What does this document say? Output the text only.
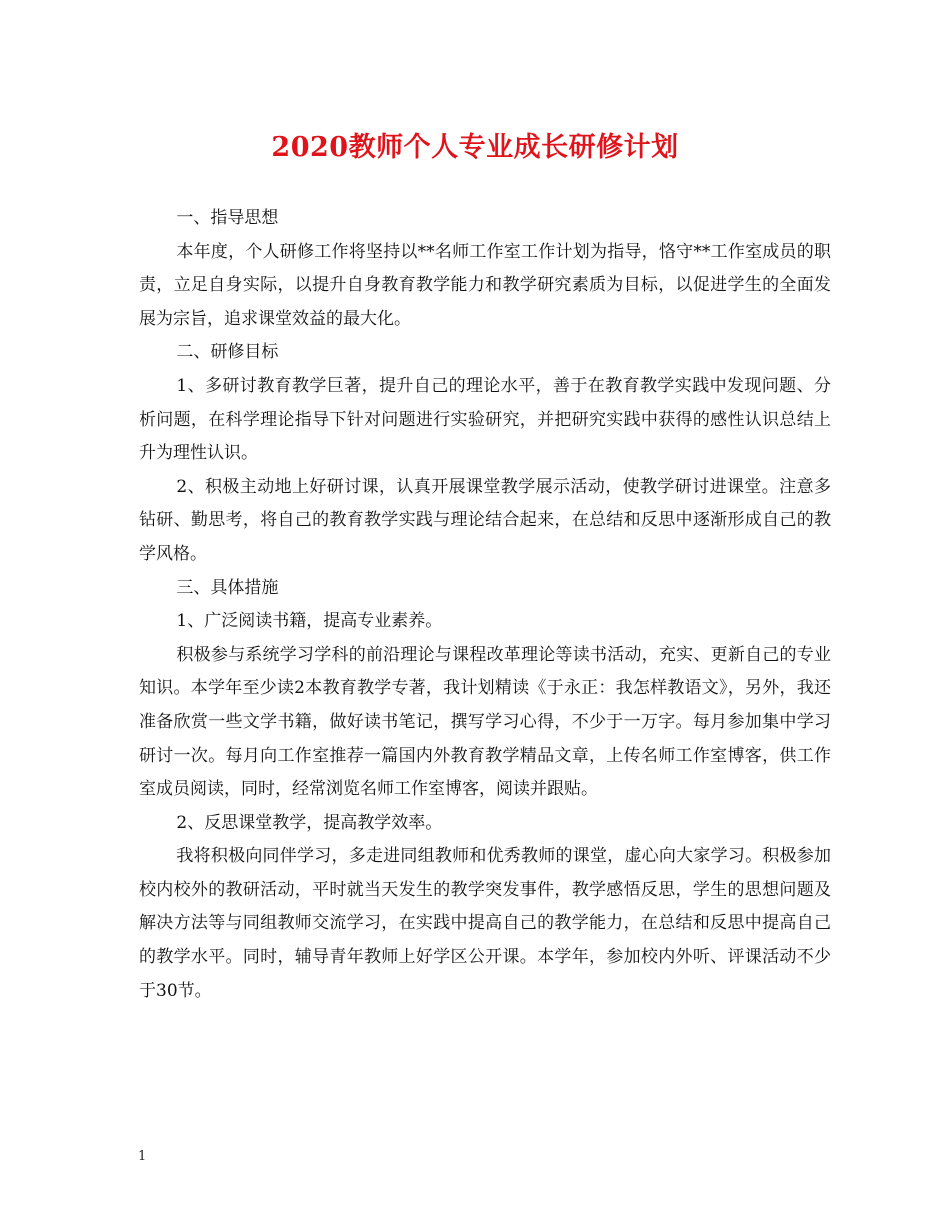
2020教师个人专业成长研修计划

一、指导思想

本年度，个人研修工作将坚持以**名师工作室工作计划为指导，恪守**工作室成员的职责，立足自身实际，以提升自身教育教学能力和教学研究素质为目标，以促进学生的全面发展为宗旨，追求课堂效益的最大化。

二、研修目标

1、多研讨教育教学巨著，提升自己的理论水平，善于在教育教学实践中发现问题、分析问题，在科学理论指导下针对问题进行实验研究，并把研究实践中获得的感性认识总结上升为理性认识。

2、积极主动地上好研讨课，认真开展课堂教学展示活动，使教学研讨进课堂。注意多钻研、勤思考，将自己的教育教学实践与理论结合起来，在总结和反思中逐渐形成自己的教学风格。

三、具体措施

1、广泛阅读书籍，提高专业素养。

积极参与系统学习学科的前沿理论与课程改革理论等读书活动，充实、更新自己的专业知识。本学年至少读2本教育教学专著，我计划精读《于永正：我怎样教语文》，另外，我还准备欣赏一些文学书籍，做好读书笔记，撰写学习心得，不少于一万字。每月参加集中学习研讨一次。每月向工作室推荐一篇国内外教育教学精品文章，上传名师工作室博客，供工作室成员阅读，同时，经常浏览名师工作室博客，阅读并跟贴。

2、反思课堂教学，提高教学效率。

我将积极向同伴学习，多走进同组教师和优秀教师的课堂，虚心向大家学习。积极参加校内校外的教研活动，平时就当天发生的教学突发事件，教学感悟反思，学生的思想问题及解决方法等与同组教师交流学习，在实践中提高自己的教学能力，在总结和反思中提高自己的教学水平。同时，辅导青年教师上好学区公开课。本学年，参加校内外听、评课活动不少于30节。

1
